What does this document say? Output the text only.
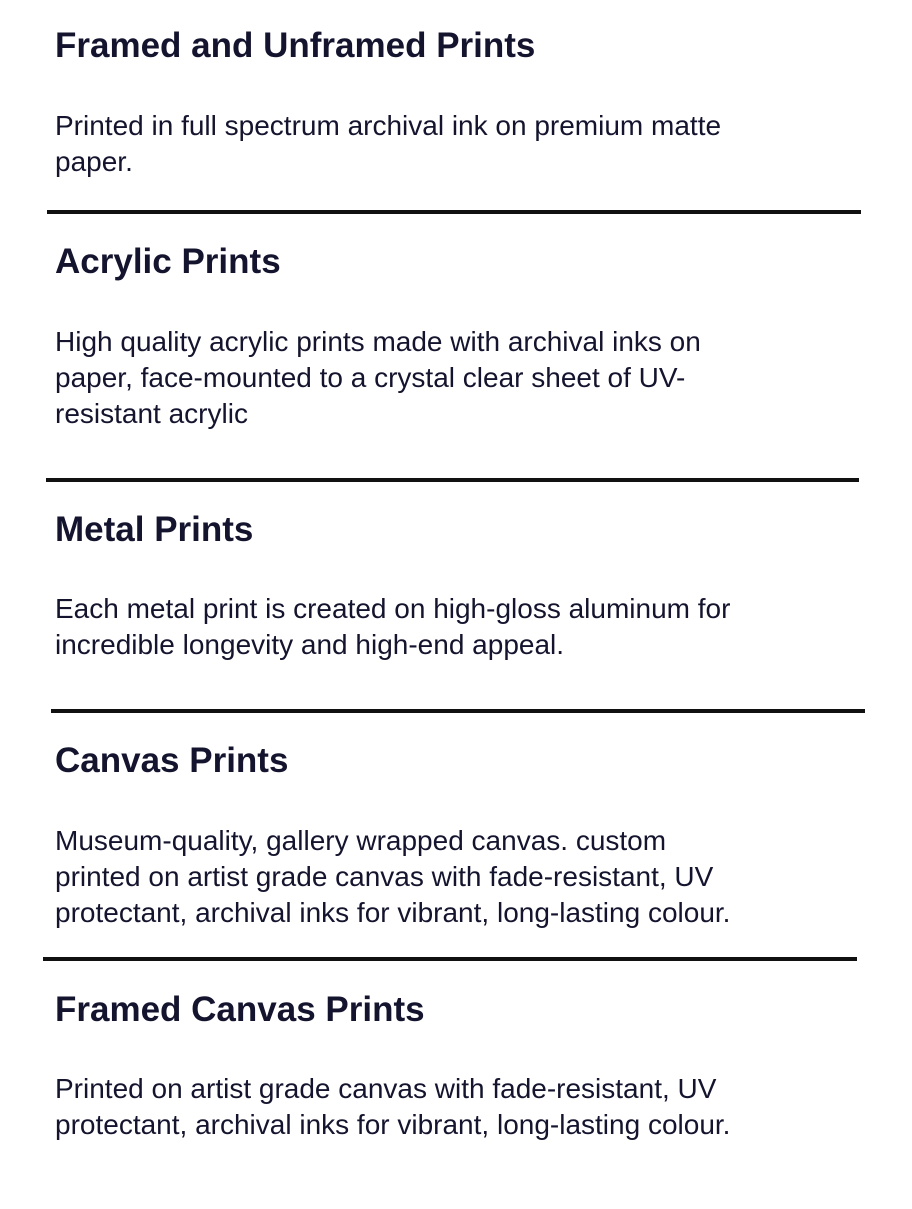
Framed and Unframed Prints

Printed in full spectrum archival ink on premium matte
paper.

Acrylic Prints

High quality acrylic prints made with archival inks on
paper, face-mounted to a crystal clear sheet of UV-
resistant acrylic

Metal Prints

Each metal print is created on high-gloss aluminum for
incredible longevity and high-end appeal.

Canvas Prints

Museum-quality, gallery wrapped canvas. custom
printed on artist grade canvas with fade-resistant, UV
protectant, archival inks for vibrant, long-lasting colour.

Framed Canvas Prints

Printed on artist grade canvas with fade-resistant, UV
protectant, archival inks for vibrant, long-lasting colour.
